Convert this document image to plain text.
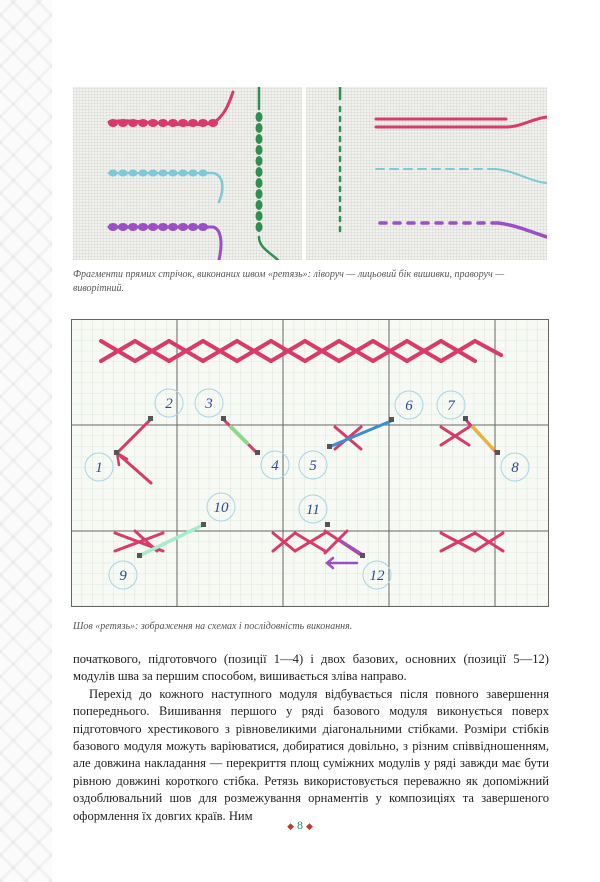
Фрагменти прямих стрічок, виконаних швом «ретязь»: ліворуч — лицьовий бік вишивки, праворуч — виворітний.
1
2 3
4 5
6 7
8
9
10	11
12
Шов «ретязь»: зображення на схемах і послідовність виконання.

початкового, підготовчого (позиції 1—4) і двох базових, основних (позиції 5—12) модулів шва за першим способом, вишивається зліва направо.

Перехід до кожного наступного модуля відбувається після повного завершення попереднього. Вишивання першого у ряді базового модуля виконується поверх підготовчого хрестикового з рівновеликими діагональними стібками. Розміри стібків базового модуля можуть варіюватися, добиратися довільно, з різним співвідношенням, але довжина накладання — перекриття площ суміжних модулів у ряді завжди має бути рівною довжині короткого стібка. Ретязь використовується переважно як допоміжний оздоблювальний шов для розмежування орнаментів у композиціях та завершеного оформлення їх довгих країв. Ним

◆ 8 ◆
